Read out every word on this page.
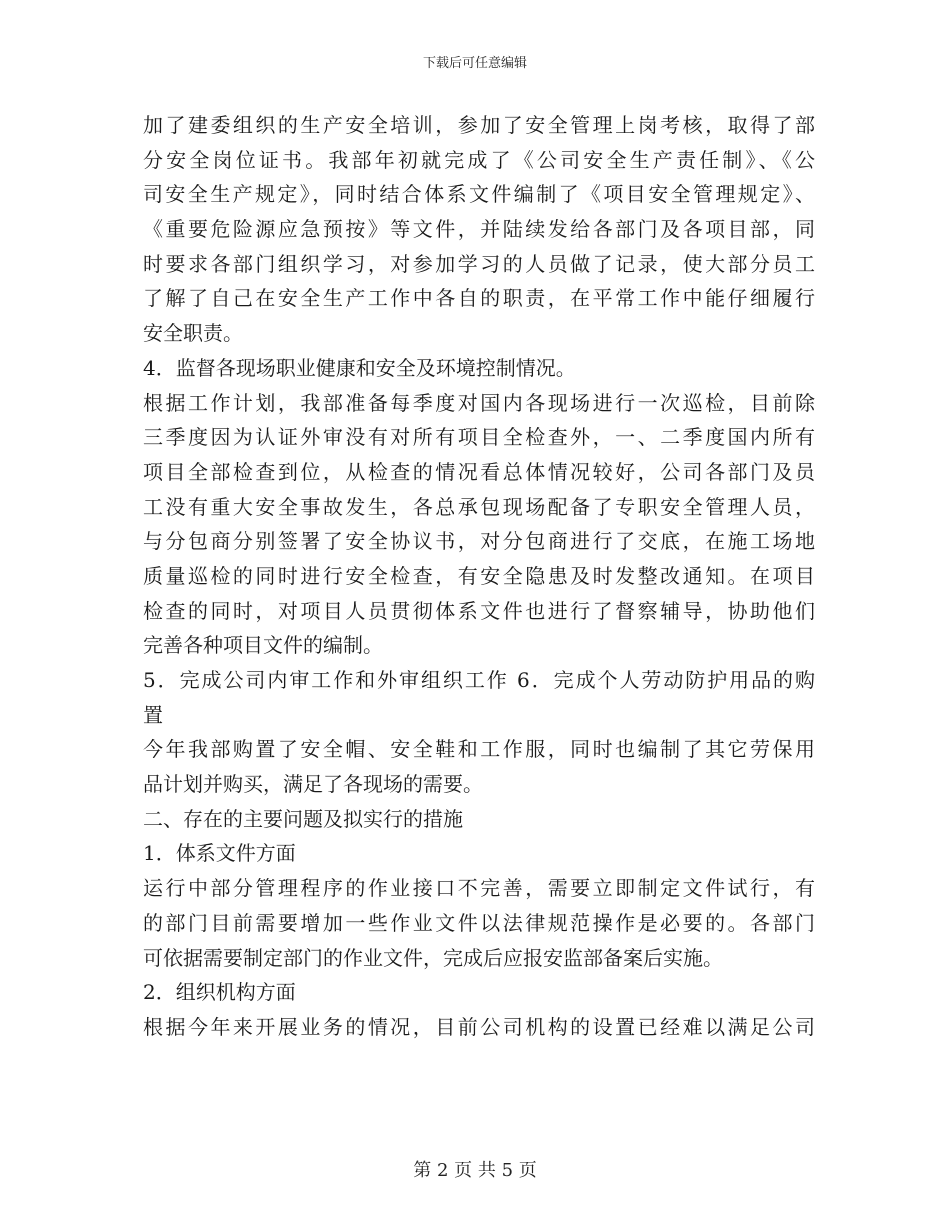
下载后可任意编辑
加了建委组织的生产安全培训，参加了安全管理上岗考核，取得了部
分安全岗位证书。我部年初就完成了《公司安全生产责任制》、《公
司安全生产规定》，同时结合体系文件编制了《项目安全管理规定》、
《重要危险源应急预按》等文件，并陆续发给各部门及各项目部，同
时要求各部门组织学习，对参加学习的人员做了记录，使大部分员工
了解了自己在安全生产工作中各自的职责，在平常工作中能仔细履行
安全职责。
4．监督各现场职业健康和安全及环境控制情况。
根据工作计划，我部准备每季度对国内各现场进行一次巡检，目前除
三季度因为认证外审没有对所有项目全检查外，一、二季度国内所有
项目全部检查到位，从检查的情况看总体情况较好，公司各部门及员
工没有重大安全事故发生，各总承包现场配备了专职安全管理人员，
与分包商分别签署了安全协议书，对分包商进行了交底，在施工场地
质量巡检的同时进行安全检查，有安全隐患及时发整改通知。在项目
检查的同时，对项目人员贯彻体系文件也进行了督察辅导，协助他们
完善各种项目文件的编制。
5．完成公司内审工作和外审组织工作 6．完成个人劳动防护用品的购
置
今年我部购置了安全帽、安全鞋和工作服，同时也编制了其它劳保用
品计划并购买，满足了各现场的需要。
二、存在的主要问题及拟实行的措施
1．体系文件方面
运行中部分管理程序的作业接口不完善，需要立即制定文件试行，有
的部门目前需要增加一些作业文件以法律规范操作是必要的。各部门
可依据需要制定部门的作业文件，完成后应报安监部备案后实施。
2．组织机构方面
根据今年来开展业务的情况，目前公司机构的设置已经难以满足公司
第 2 页 共 5 页
